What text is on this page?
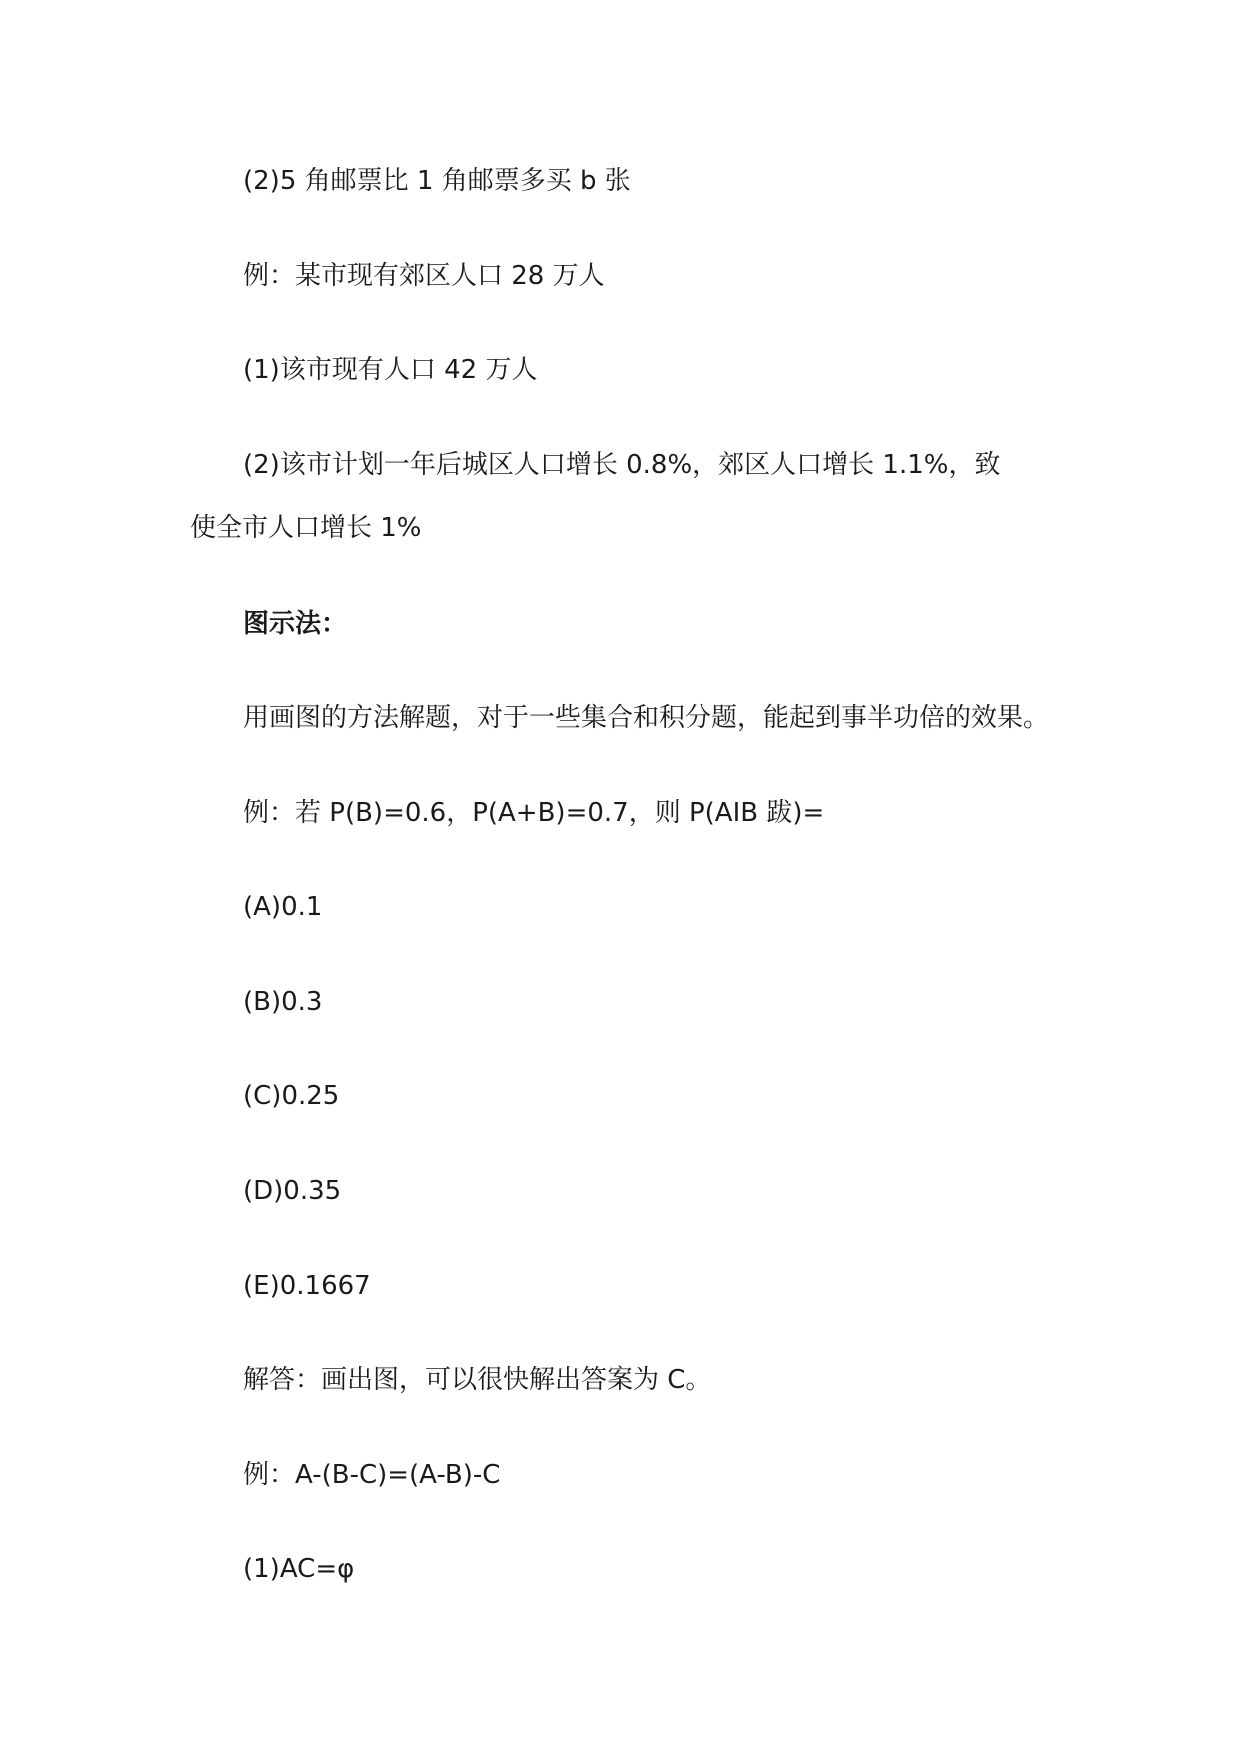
(2)5 角邮票比 1 角邮票多买 b 张

例：某市现有郊区人口 28 万人

(1)该市现有人口 42 万人

(2)该市计划一年后城区人口增长 0.8%，郊区人口增长 1.1%，致

使全市人口增长 1%

图示法：

用画图的方法解题，对于一些集合和积分题，能起到事半功倍的效果。

例：若 P(B)=0.6，P(A+B)=0.7，则 P(AIB 跋)=

(A)0.1

(B)0.3

(C)0.25

(D)0.35

(E)0.1667

解答：画出图，可以很快解出答案为 C。

例：A-(B-C)=(A-B)-C

(1)AC=φ
